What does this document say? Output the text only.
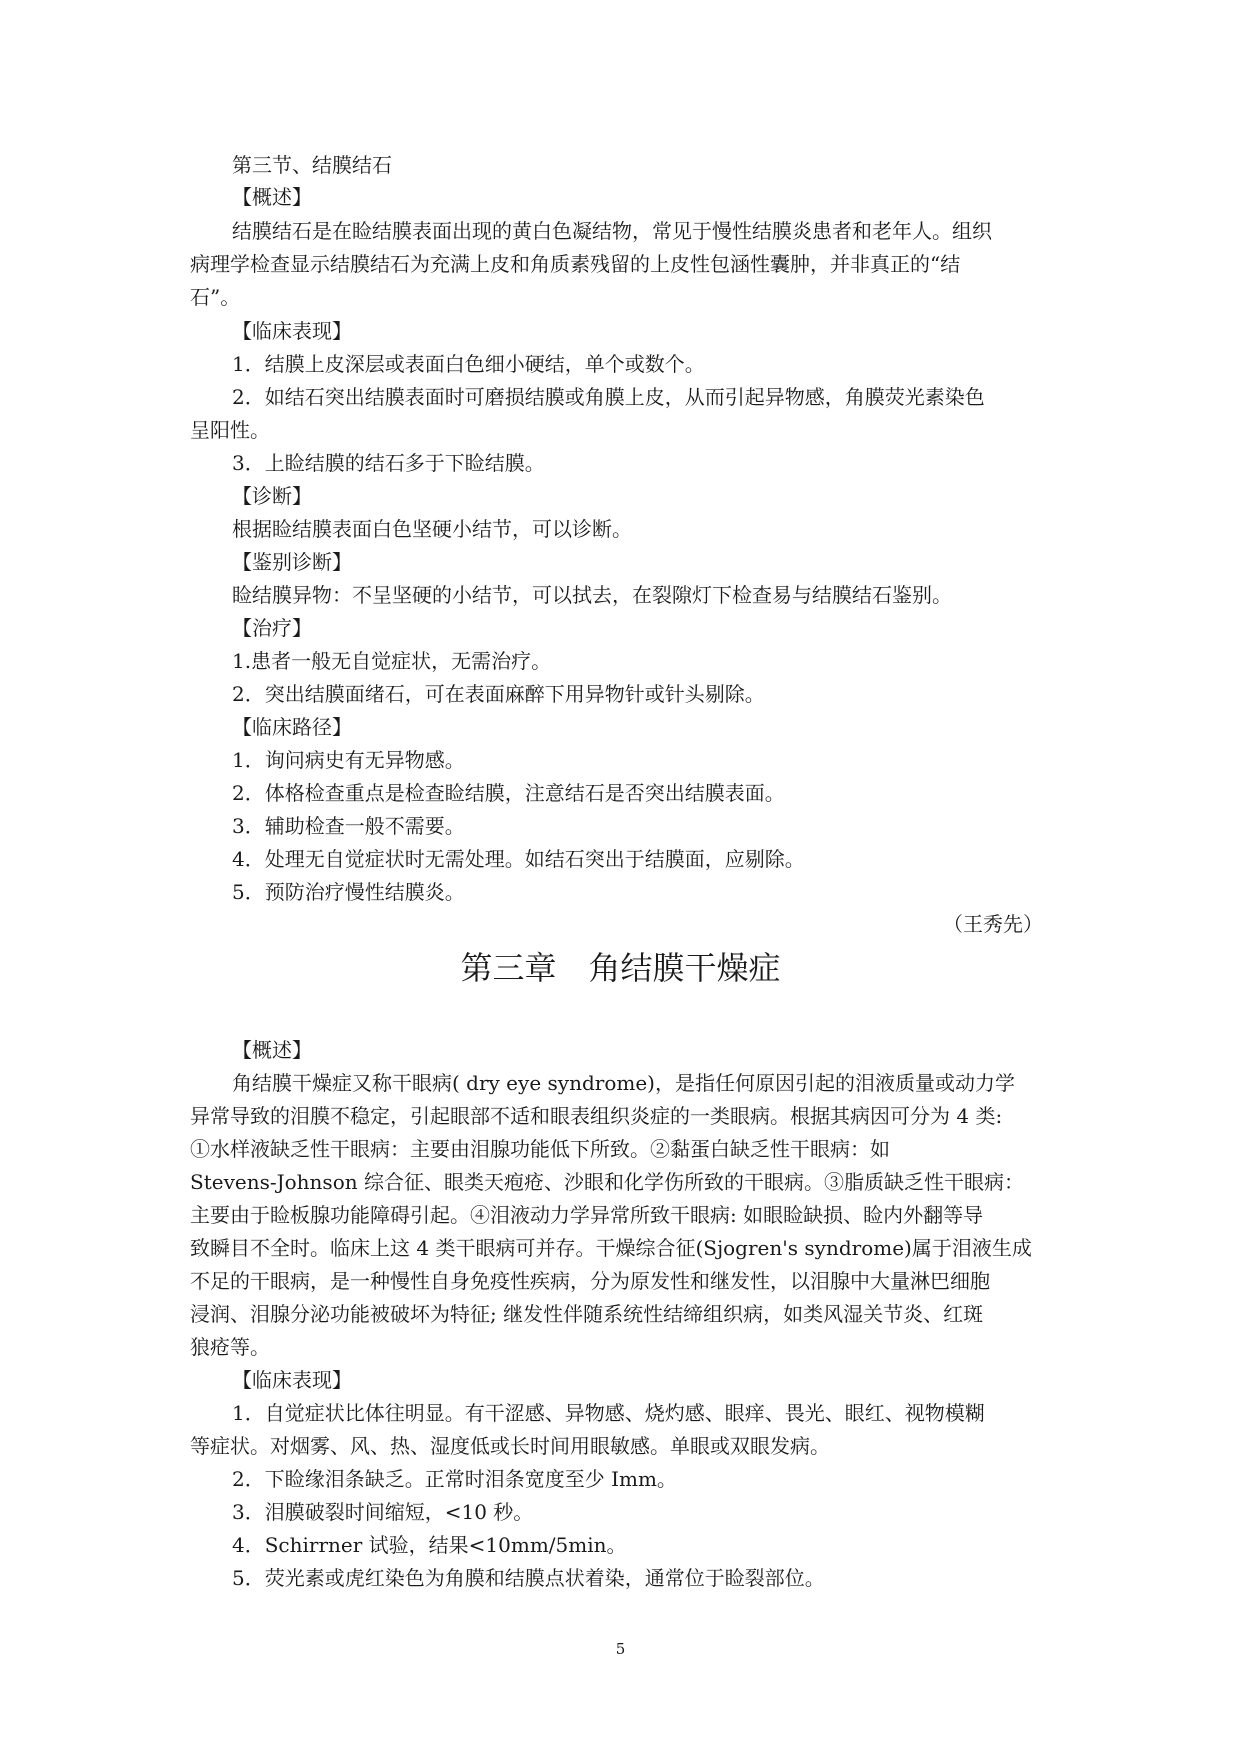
第三节、结膜结石
【概述】
结膜结石是在睑结膜表面出现的黄白色凝结物，常见于慢性结膜炎患者和老年人。组织
病理学检查显示结膜结石为充满上皮和角质素残留的上皮性包涵性囊肿，并非真正的“结
石”。
【临床表现】
1．结膜上皮深层或表面白色细小硬结，单个或数个。
2．如结石突出结膜表面时可磨损结膜或角膜上皮，从而引起异物感，角膜荧光素染色
呈阳性。
3．上睑结膜的结石多于下睑结膜。
【诊断】
根据睑结膜表面白色坚硬小结节，可以诊断。
【鉴别诊断】
睑结膜异物：不呈坚硬的小结节，可以拭去，在裂隙灯下检查易与结膜结石鉴别。
【治疗】
1.患者一般无自觉症状，无需治疗。
2．突出结膜面绪石，可在表面麻醉下用异物针或针头剔除。
【临床路径】
1．询问病史有无异物感。
2．体格检查重点是检查睑结膜，注意结石是否突出结膜表面。
3．辅助检查一般不需要。
4．处理无自觉症状时无需处理。如结石突出于结膜面，应剔除。
5．预防治疗慢性结膜炎。
（王秀先）
第三章　角结膜干燥症
【概述】
角结膜干燥症又称干眼病( dry eye syndrome)，是指任何原因引起的泪液质量或动力学
异常导致的泪膜不稳定，引起眼部不适和眼表组织炎症的一类眼病。根据其病因可分为 4 类:
①水样液缺乏性干眼病：主要由泪腺功能低下所致。②黏蛋白缺乏性干眼病：如
Stevens-Johnson 综合征、眼类天疱疮、沙眼和化学伤所致的干眼病。③脂质缺乏性干眼病：
主要由于睑板腺功能障碍引起。④泪液动力学异常所致干眼病: 如眼睑缺损、睑内外翻等导
致瞬目不全时。临床上这 4 类干眼病可并存。干燥综合征(Sjogren's syndrome)属于泪液生成
不足的干眼病，是一种慢性自身免疫性疾病，分为原发性和继发性，以泪腺中大量淋巴细胞
浸润、泪腺分泌功能被破坏为特征; 继发性伴随系统性结缔组织病，如类风湿关节炎、红斑
狼疮等。
【临床表现】
1．自觉症状比体往明显。有干涩感、异物感、烧灼感、眼痒、畏光、眼红、视物模糊
等症状。对烟雾、风、热、湿度低或长时间用眼敏感。单眼或双眼发病。
2．下睑缘泪条缺乏。正常时泪条宽度至少 Imm。
3．泪膜破裂时间缩短，<10 秒。
4．Schirrner 试验，结果<10mm/5min。
5．荧光素或虎红染色为角膜和结膜点状着染，通常位于睑裂部位。
5
